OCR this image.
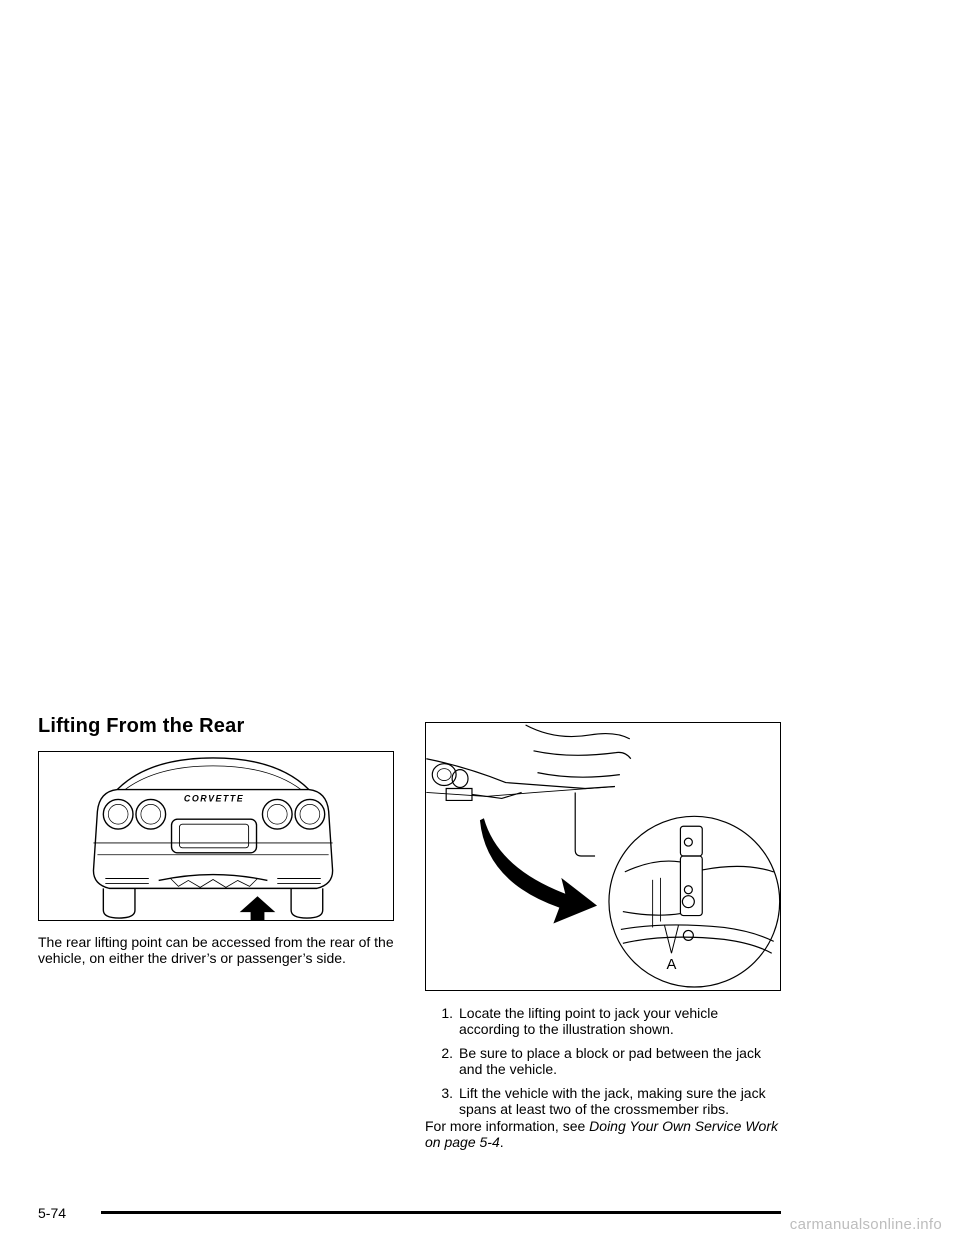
Lifting From the Rear
CORVETTE
A

The rear lifting point can be accessed from the rear of the vehicle, on either the driver’s or passenger’s side.

1. Locate the lifting point to jack your vehicle according to the illustration shown.
2. Be sure to place a block or pad between the jack and the vehicle.
3. Lift the vehicle with the jack, making sure the jack spans at least two of the crossmember ribs.

For more information, see Doing Your Own Service Work on page 5-4.

5-74
carmanualsonline.info
